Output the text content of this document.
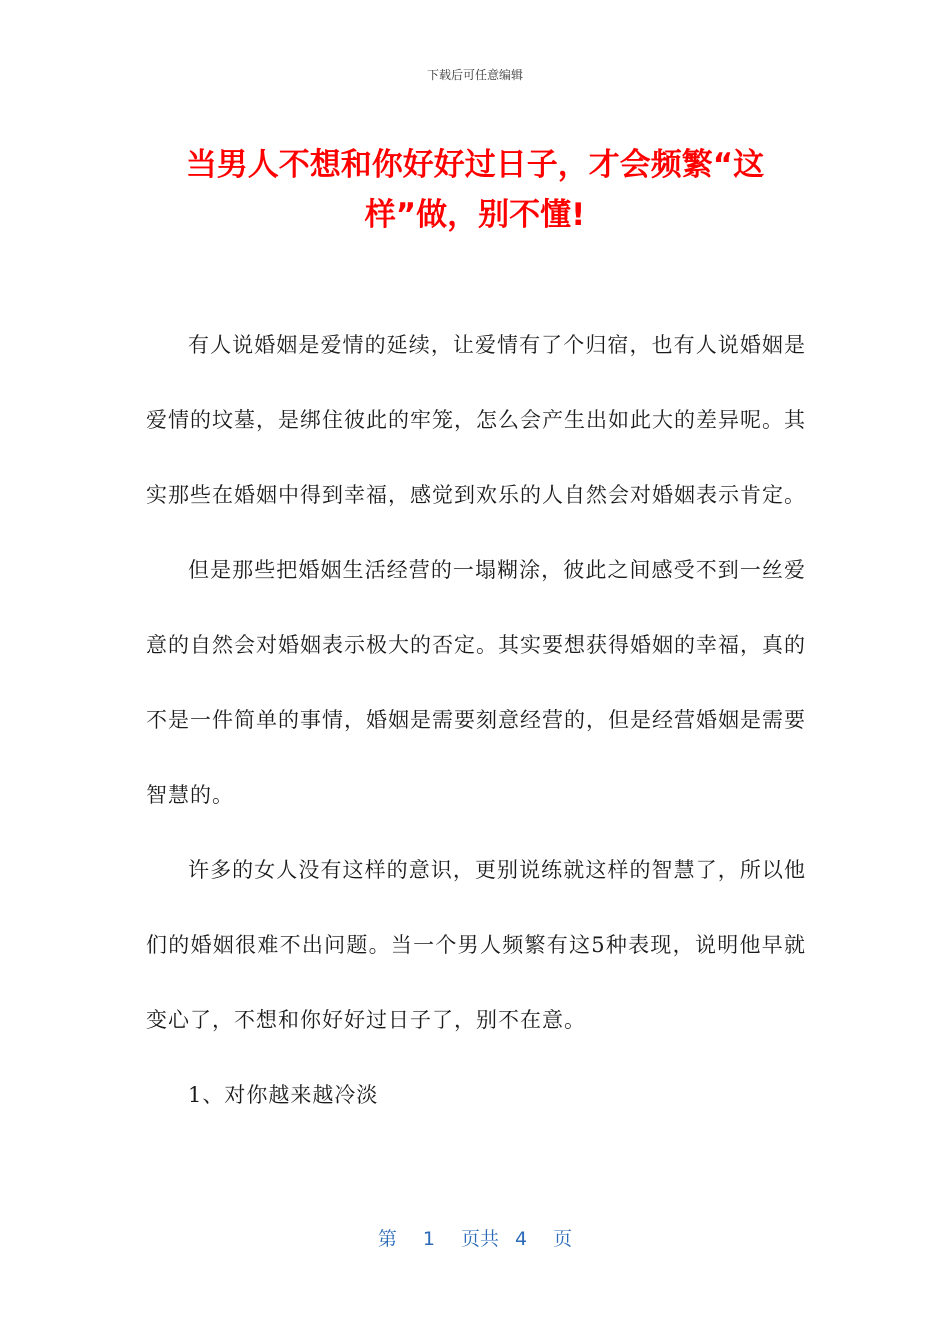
下载后可任意编辑
当男人不想和你好好过日子，才会频繁“这样”做，别不懂!

有人说婚姻是爱情的延续，让爱情有了个归宿，也有人说婚姻是爱情的坟墓，是绑住彼此的牢笼，怎么会产生出如此大的差异呢。其实那些在婚姻中得到幸福，感觉到欢乐的人自然会对婚姻表示肯定。

但是那些把婚姻生活经营的一塌糊涂，彼此之间感受不到一丝爱意的自然会对婚姻表示极大的否定。其实要想获得婚姻的幸福，真的不是一件简单的事情，婚姻是需要刻意经营的，但是经营婚姻是需要智慧的。

许多的女人没有这样的意识，更别说练就这样的智慧了，所以他们的婚姻很难不出问题。当一个男人频繁有这5种表现，说明他早就变心了，不想和你好好过日子了，别不在意。

1、对你越来越冷淡

第 1 页共 4 页
